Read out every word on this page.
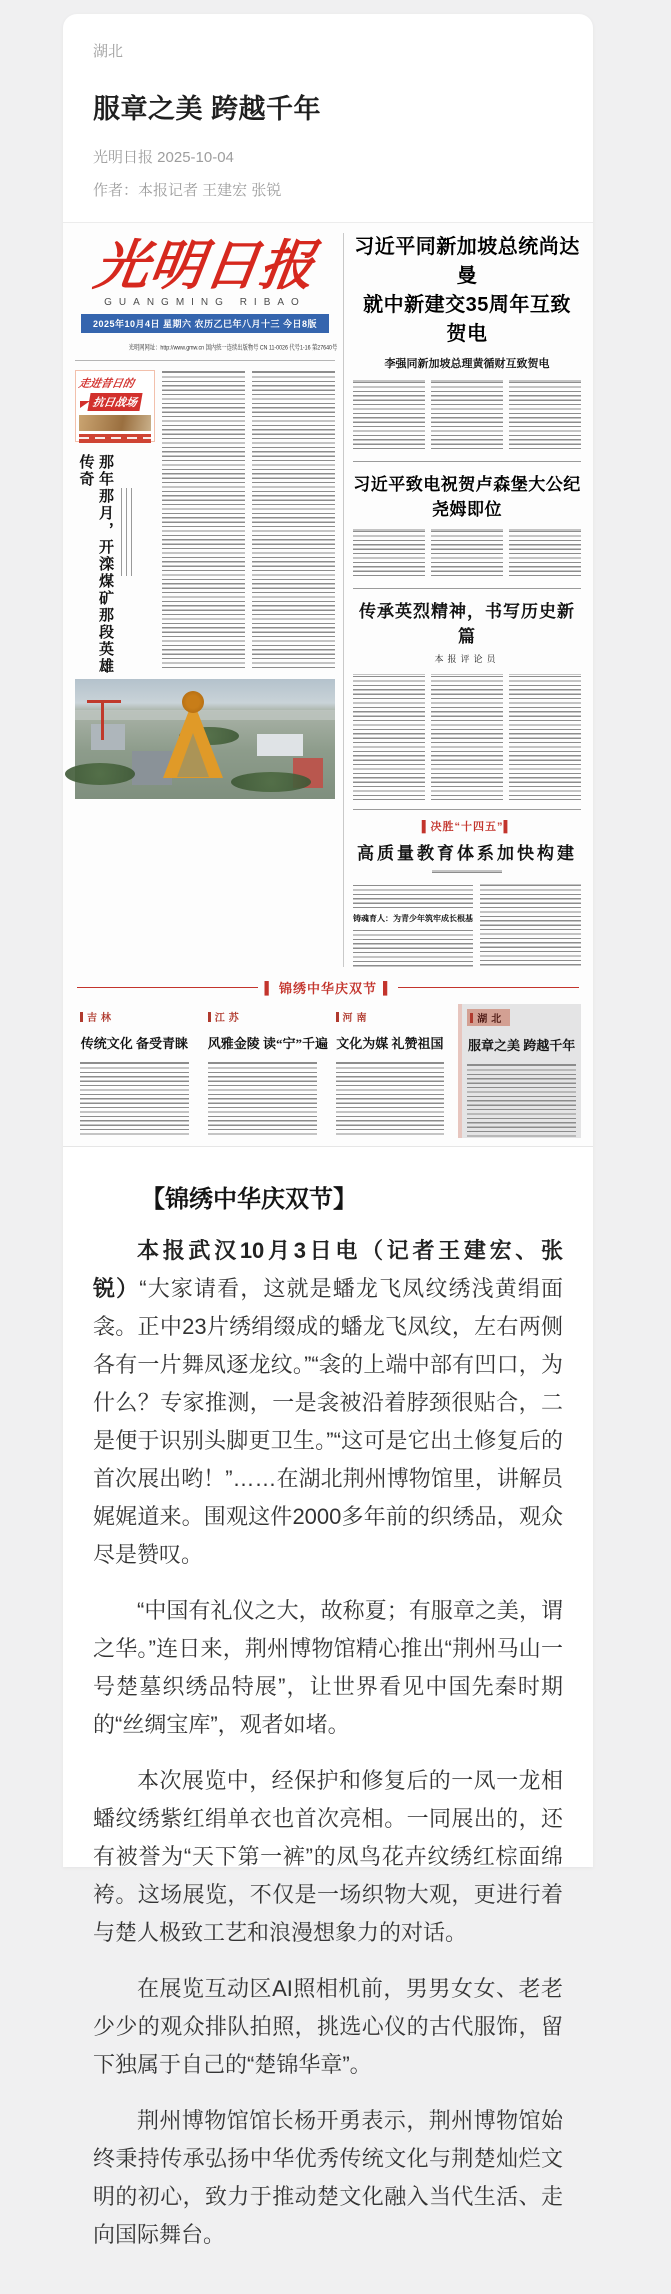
湖北
服章之美 跨越千年
光明日报 2025-10-04
作者：本报记者 王建宏 张锐
光明日报
GUANGMING RIBAO
2025年10月4日 星期六 农历乙巳年八月十三 今日8版
光明网网址：http://www.gmw.cn 国内统一连续出版物号 CN 11-0026 代号1-16 第27640号
走进昔日的
抗日战场
那年那月，开滦煤矿那段英雄传奇
习近平同新加坡总统尚达曼
就中新建交35周年互致贺电
李强同新加坡总理黄循财互致贺电
习近平致电祝贺卢森堡大公纪尧姆即位
传承英烈精神，书写历史新篇
本报评论员
▌决胜“十四五”▌
高质量教育体系加快构建
铸魂育人：为青少年筑牢成长根基
▌ 锦绣中华庆双节 ▌
吉林
传统文化 备受青睐
江苏
风雅金陵 读“宁”千遍
河南
文化为媒 礼赞祖国
湖北
服章之美 跨越千年
【锦绣中华庆双节】

本报武汉10月3日电（记者王建宏、张锐）“大家请看，这就是蟠龙飞凤纹绣浅黄绢面衾。正中23片绣绢缀成的蟠龙飞凤纹，左右两侧各有一片舞凤逐龙纹。”“衾的上端中部有凹口，为什么？专家推测，一是衾被沿着脖颈很贴合，二是便于识别头脚更卫生。”“这可是它出土修复后的首次展出哟！”……在湖北荆州博物馆里，讲解员娓娓道来。围观这件2000多年前的织绣品，观众尽是赞叹。

“中国有礼仪之大，故称夏；有服章之美，谓之华。”连日来，荆州博物馆精心推出“荆州马山一号楚墓织绣品特展”，让世界看见中国先秦时期的“丝绸宝库”，观者如堵。

本次展览中，经保护和修复后的一凤一龙相蟠纹绣紫红绢单衣也首次亮相。一同展出的，还有被誉为“天下第一裤”的凤鸟花卉纹绣红棕面绵袴。这场展览，不仅是一场织物大观，更进行着与楚人极致工艺和浪漫想象力的对话。

在展览互动区AI照相机前，男男女女、老老少少的观众排队拍照，挑选心仪的古代服饰，留下独属于自己的“楚锦华章”。

荆州博物馆馆长杨开勇表示，荆州博物馆始终秉持传承弘扬中华优秀传统文化与荆楚灿烂文明的初心，致力于推动楚文化融入当代生活、走向国际舞台。
